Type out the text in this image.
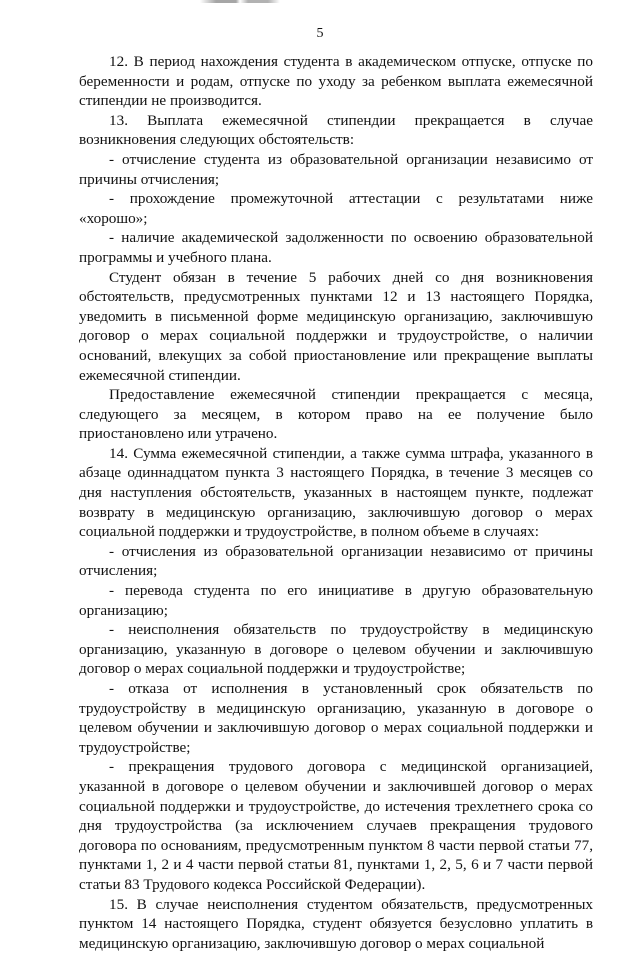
5

12. В период нахождения студента в академическом отпуске, отпуске по беременности и родам, отпуске по уходу за ребенком выплата ежемесячной стипендии не производится.

13. Выплата ежемесячной стипендии прекращается в случае возникновения следующих обстоятельств:

- отчисление студента из образовательной организации независимо от причины отчисления;

- прохождение промежуточной аттестации с результатами ниже «хорошо»;

- наличие академической задолженности по освоению образовательной программы и учебного плана.

Студент обязан в течение 5 рабочих дней со дня возникновения обстоятельств, предусмотренных пунктами 12 и 13 настоящего Порядка, уведомить в письменной форме медицинскую организацию, заключившую договор о мерах социальной поддержки и трудоустройстве, о наличии оснований, влекущих за собой приостановление или прекращение выплаты ежемесячной стипендии.

Предоставление ежемесячной стипендии прекращается с месяца, следующего за месяцем, в котором право на ее получение было приостановлено или утрачено.

14. Сумма ежемесячной стипендии, а также сумма штрафа, указанного в абзаце одиннадцатом пункта 3 настоящего Порядка, в течение 3 месяцев со дня наступления обстоятельств, указанных в настоящем пункте, подлежат возврату в медицинскую организацию, заключившую договор о мерах социальной поддержки и трудоустройстве, в полном объеме в случаях:

- отчисления из образовательной организации независимо от причины отчисления;

- перевода студента по его инициативе в другую образовательную организацию;

- неисполнения обязательств по трудоустройству в медицинскую организацию, указанную в договоре о целевом обучении и заключившую договор о мерах социальной поддержки и трудоустройстве;

- отказа от исполнения в установленный срок обязательств по трудоустройству в медицинскую организацию, указанную в договоре о целевом обучении и заключившую договор о мерах социальной поддержки и трудоустройстве;

- прекращения трудового договора с медицинской организацией, указанной в договоре о целевом обучении и заключившей договор о мерах социальной поддержки и трудоустройстве, до истечения трехлетнего срока со дня трудоустройства (за исключением случаев прекращения трудового договора по основаниям, предусмотренным пунктом 8 части первой статьи 77, пунктами 1, 2 и 4 части первой статьи 81, пунктами 1, 2, 5, 6 и 7 части первой статьи 83 Трудового кодекса Российской Федерации).

15. В случае неисполнения студентом обязательств, предусмотренных пунктом 14 настоящего Порядка, студент обязуется безусловно уплатить в медицинскую организацию, заключившую договор о мерах социальной
